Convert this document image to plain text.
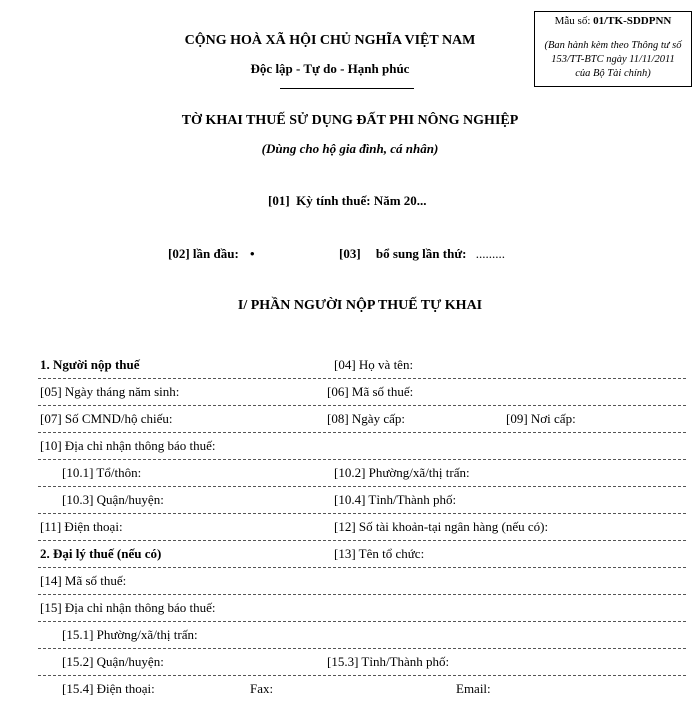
CỘNG HOÀ XÃ HỘI CHỦ NGHĨA VIỆT NAM
Độc lập - Tự do - Hạnh phúc
Mẫu số: 01/TK-SDDPNN
(Ban hành kèm theo Thông tư số
153/TT-BTC ngày 11/11/2011
của Bộ Tài chính)
TỜ KHAI THUẾ SỬ DỤNG ĐẤT PHI NÔNG NGHIỆP
(Dùng cho hộ gia đình, cá nhân)
[01] Kỳ tính thuế: Năm 20...
[02] lần đầu: •	[03] bổ sung lần thứ: .........
I/ PHẦN NGƯỜI NỘP THUẾ TỰ KHAI
1. Người nộp thuế	[04] Họ và tên:
[05] Ngày tháng năm sinh:	[06] Mã số thuế:
[07] Số CMND/hộ chiếu:	[08] Ngày cấp:	[09] Nơi cấp:
[10] Địa chỉ nhận thông báo thuế:
[10.1] Tổ/thôn:	[10.2] Phường/xã/thị trấn:
[10.3] Quận/huyện:	[10.4] Tỉnh/Thành phố:
[11] Điện thoại:	[12] Số tài khoản-tại ngân hàng (nếu có):
2. Đại lý thuế (nếu có)	[13] Tên tổ chức:
[14] Mã số thuế:
[15] Địa chỉ nhận thông báo thuế:
[15.1] Phường/xã/thị trấn:
[15.2] Quận/huyện:	[15.3] Tỉnh/Thành phố:
[15.4] Điện thoại:	Fax:	Email:
